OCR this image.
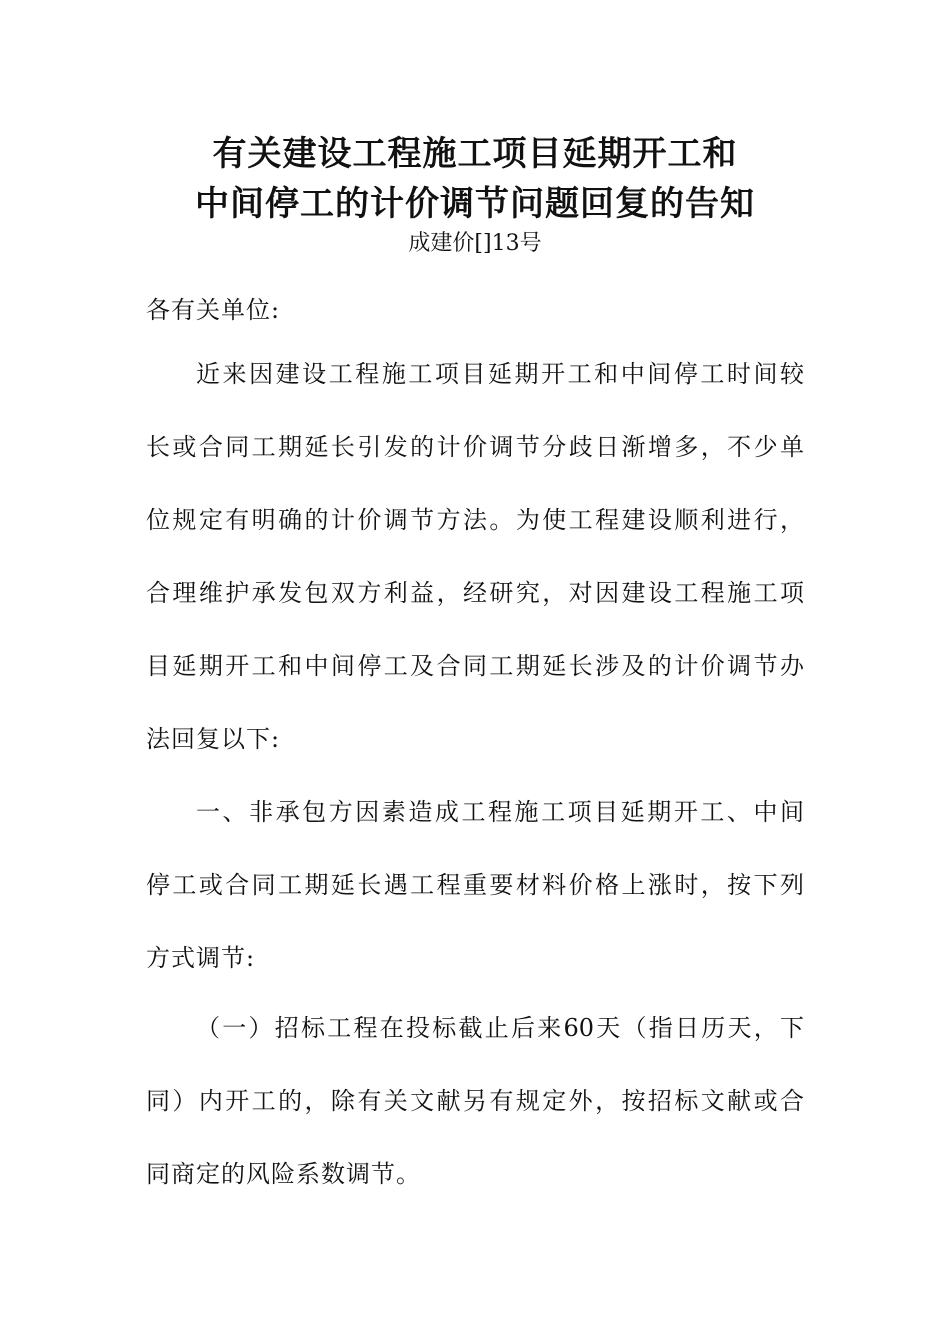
有关建设工程施工项目延期开工和
中间停工的计价调节问题回复的告知
成建价[]13号
各有关单位:
近来因建设工程施工项目延期开工和中间停工时间较
长或合同工期延长引发的计价调节分歧日渐增多，不少单
位规定有明确的计价调节方法。为使工程建设顺利进行，
合理维护承发包双方利益，经研究，对因建设工程施工项
目延期开工和中间停工及合同工期延长涉及的计价调节办
法回复以下:
一、非承包方因素造成工程施工项目延期开工、中间
停工或合同工期延长遇工程重要材料价格上涨时，按下列
方式调节:
（一）招标工程在投标截止后来60天（指日历天，下
同）内开工的，除有关文献另有规定外，按招标文献或合
同商定的风险系数调节。
